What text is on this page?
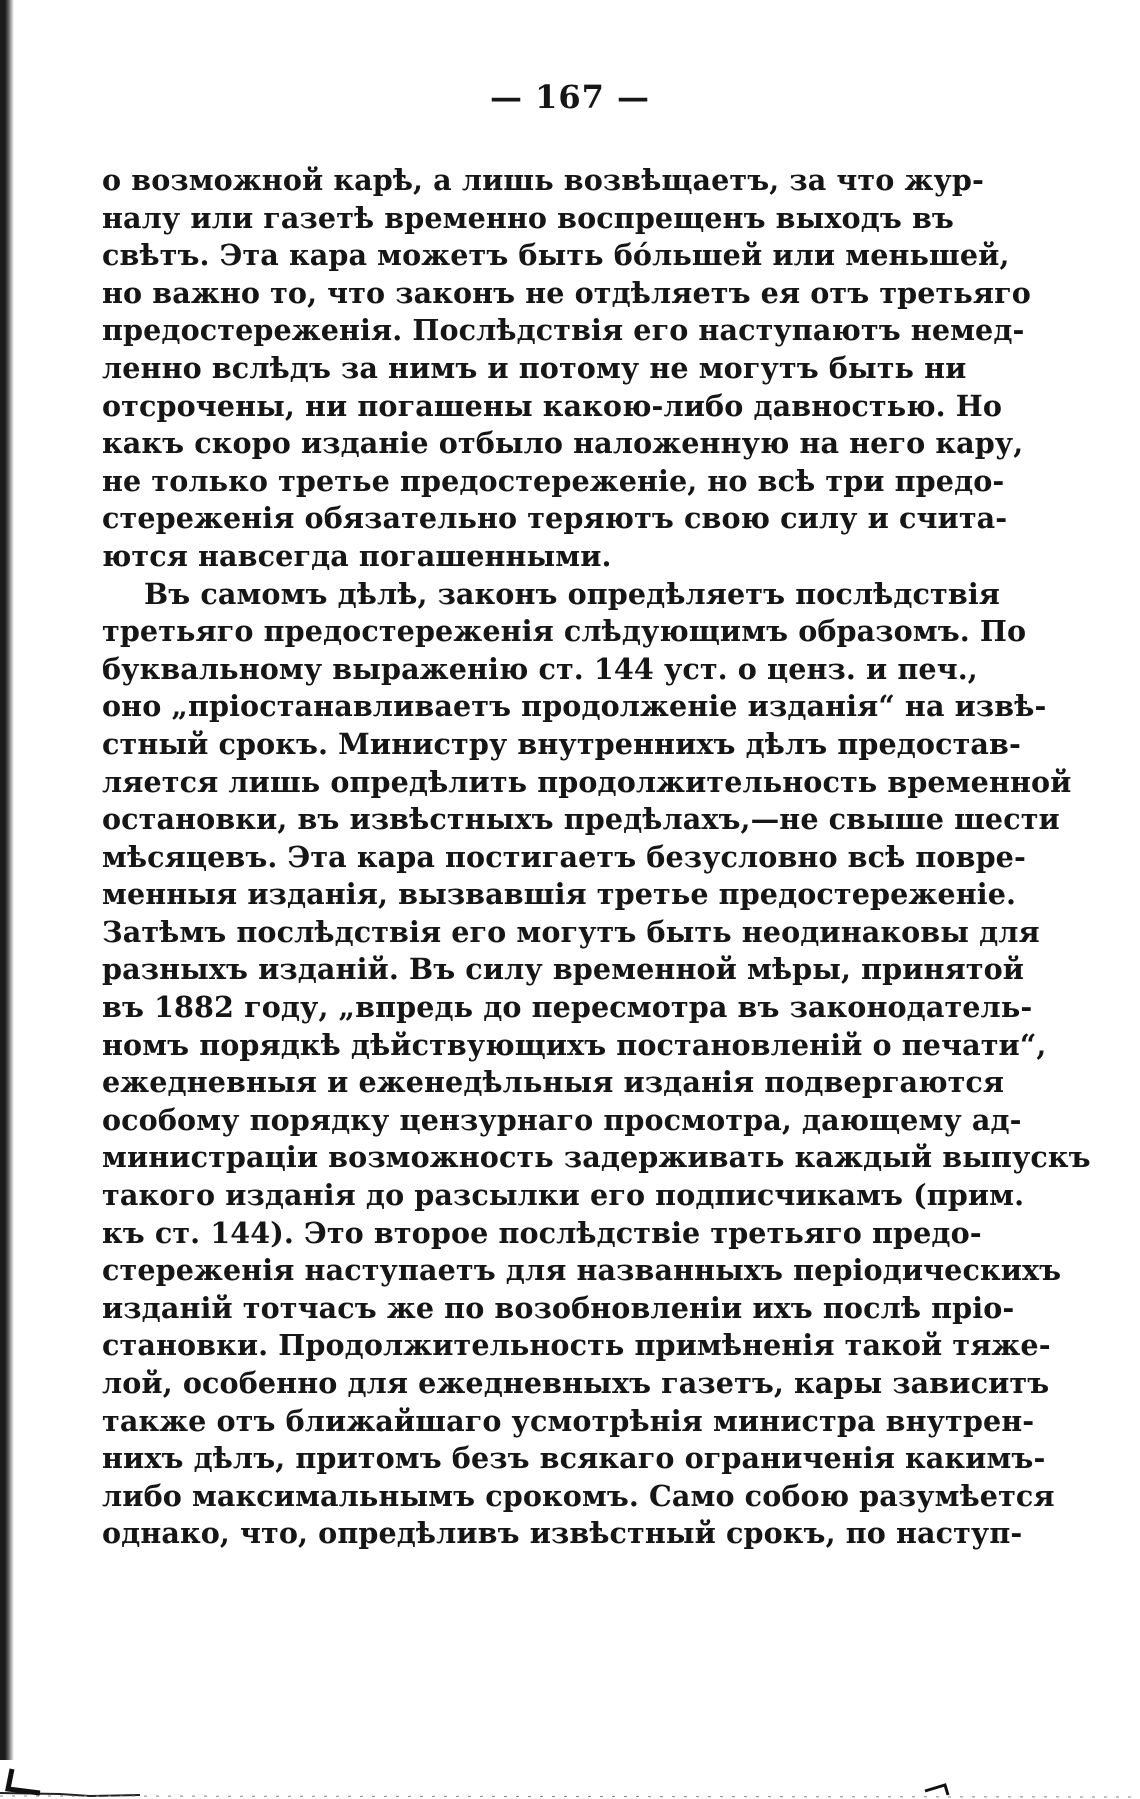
— 167 —
о возможной карѣ, а лишь возвѣщаетъ, за что жур-
налу или газетѣ временно воспрещенъ выходъ въ
свѣтъ. Эта кара можетъ быть бо́льшей или меньшей,
но важно то, что законъ не отдѣляетъ ея отъ третьяго
предостереженія. Послѣдствія его наступаютъ немед-
ленно вслѣдъ за нимъ и потому не могутъ быть ни
отсрочены, ни погашены какою-либо давностью. Но
какъ скоро изданіе отбыло наложенную на него кару,
не только третье предостереженіе, но всѣ три предо-
стереженія обязательно теряютъ свою силу и счита-
ются навсегда погашенными.
Въ самомъ дѣлѣ, законъ опредѣляетъ послѣдствія
третьяго предостереженія слѣдующимъ образомъ. По
буквальному выраженію ст. 144 уст. о ценз. и печ.,
оно „пріостанавливаетъ продолженіе изданія“ на извѣ-
стный срокъ. Министру внутреннихъ дѣлъ предостав-
ляется лишь опредѣлить продолжительность временной
остановки, въ извѣстныхъ предѣлахъ,—не свыше шести
мѣсяцевъ. Эта кара постигаетъ безусловно всѣ повре-
менныя изданія, вызвавшія третье предостереженіе.
Затѣмъ послѣдствія его могутъ быть неодинаковы для
разныхъ изданій. Въ силу временной мѣры, принятой
въ 1882 году, „впредь до пересмотра въ законодатель-
номъ порядкѣ дѣйствующихъ постановленій о печати“,
ежедневныя и еженедѣльныя изданія подвергаются
особому порядку цензурнаго просмотра, дающему ад-
министраціи возможность задерживать каждый выпускъ
такого изданія до разсылки его подписчикамъ (прим.
къ ст. 144). Это второе послѣдствіе третьяго предо-
стереженія наступаетъ для названныхъ періодическихъ
изданій тотчасъ же по возобновленіи ихъ послѣ пріо-
становки. Продолжительность примѣненія такой тяже-
лой, особенно для ежедневныхъ газетъ, кары зависитъ
также отъ ближайшаго усмотрѣнія министра внутрен-
нихъ дѣлъ, притомъ безъ всякаго ограниченія какимъ-
либо максимальнымъ срокомъ. Само собою разумѣется
однако, что, опредѣливъ извѣстный срокъ, по наступ-
